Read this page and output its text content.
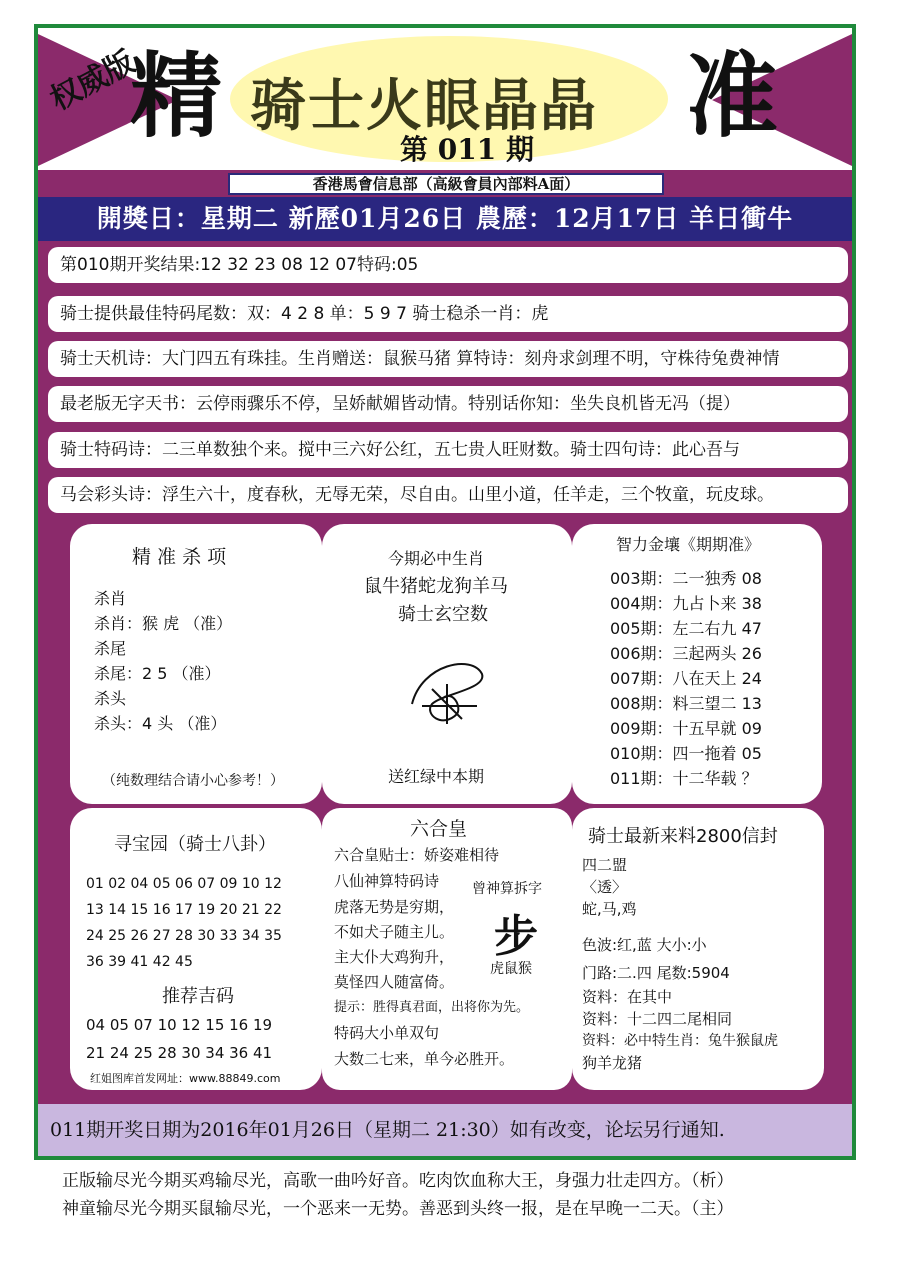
权威版
精 骑士火眼晶晶
第 011 期 准
香港馬會信息部（高級會員內部料A面）
開獎日：星期二 新歷01月26日 農歷：12月17日 羊日衝牛
第010期开奖结果:12 32 23 08 12 07特码:05
骑士提供最佳特码尾数：双：4 2 8 单：5 9 7 骑士稳杀一肖：虎
骑士天机诗：大门四五有珠挂。生肖赠送：鼠猴马猪 算特诗：刻舟求剑理不明，守株待兔费神情
最老版无字天书：云停雨骤乐不停，呈娇献媚皆动情。特别话你知：坐失良机皆无冯（提）
骑士特码诗：二三单数独个来。搅中三六好公红，五七贵人旺财数。骑士四句诗：此心吾与
马会彩头诗：浮生六十，度春秋，无辱无荣，尽自由。山里小道，任羊走，三个牧童，玩皮球。
精 准 杀 项
杀肖
杀肖：猴 虎 （准）
杀尾
杀尾：2 5 （准）
杀头
杀头：4 头 （准）
（纯数理结合请小心参考！）
今期必中生肖
鼠牛猪蛇龙狗羊马
骑士玄空数
送红绿中本期
智力金壤《期期准》
003期：二一独秀 08
004期：九占卜来 38
005期：左二右九 47
006期：三起两头 26
007期：八在天上 24
008期：料三望二 13
009期：十五早就 09
010期：四一拖着 05
011期：十二华载 ？
寻宝园（骑士八卦）
01 02 04 05 06 07 09 10 12
13 14 15 16 17 19 20 21 22
24 25 26 27 28 30 33 34 35
36 39 41 42 45
推荐吉码
04 05 07 10 12 15 16 19
21 24 25 28 30 34 36 41
红姐图库首发网址：www.88849.com
六合皇
六合皇贴士：娇姿难相待
八仙神算特码诗
虎落无势是穷期，
不如犬子随主儿。
主大仆大鸡狗升，
莫怪四人随富倚。
提示：胜得真君面，出将你为先。
特码大小单双句
大数二七来，单今必胜开。
曾神算拆字
步
虎鼠猴
骑士最新来料2800信封
四二盟
〈透〉
蛇,马,鸡
色波:红,蓝 大小:小
门路:二.四 尾数:5904
资料：在其中
资料：十二四二尾相同
资料：必中特生肖：兔牛猴鼠虎
狗羊龙猪
011期开奖日期为2016年01月26日（星期二 21:30）如有改变，论坛另行通知.
正版输尽光今期买鸡输尽光，高歌一曲吟好音。吃肉饮血称大王，身强力壮走四方。（析）
神童输尽光今期买鼠输尽光，一个恶来一无势。善恶到头终一报，是在早晚一二天。（主）
